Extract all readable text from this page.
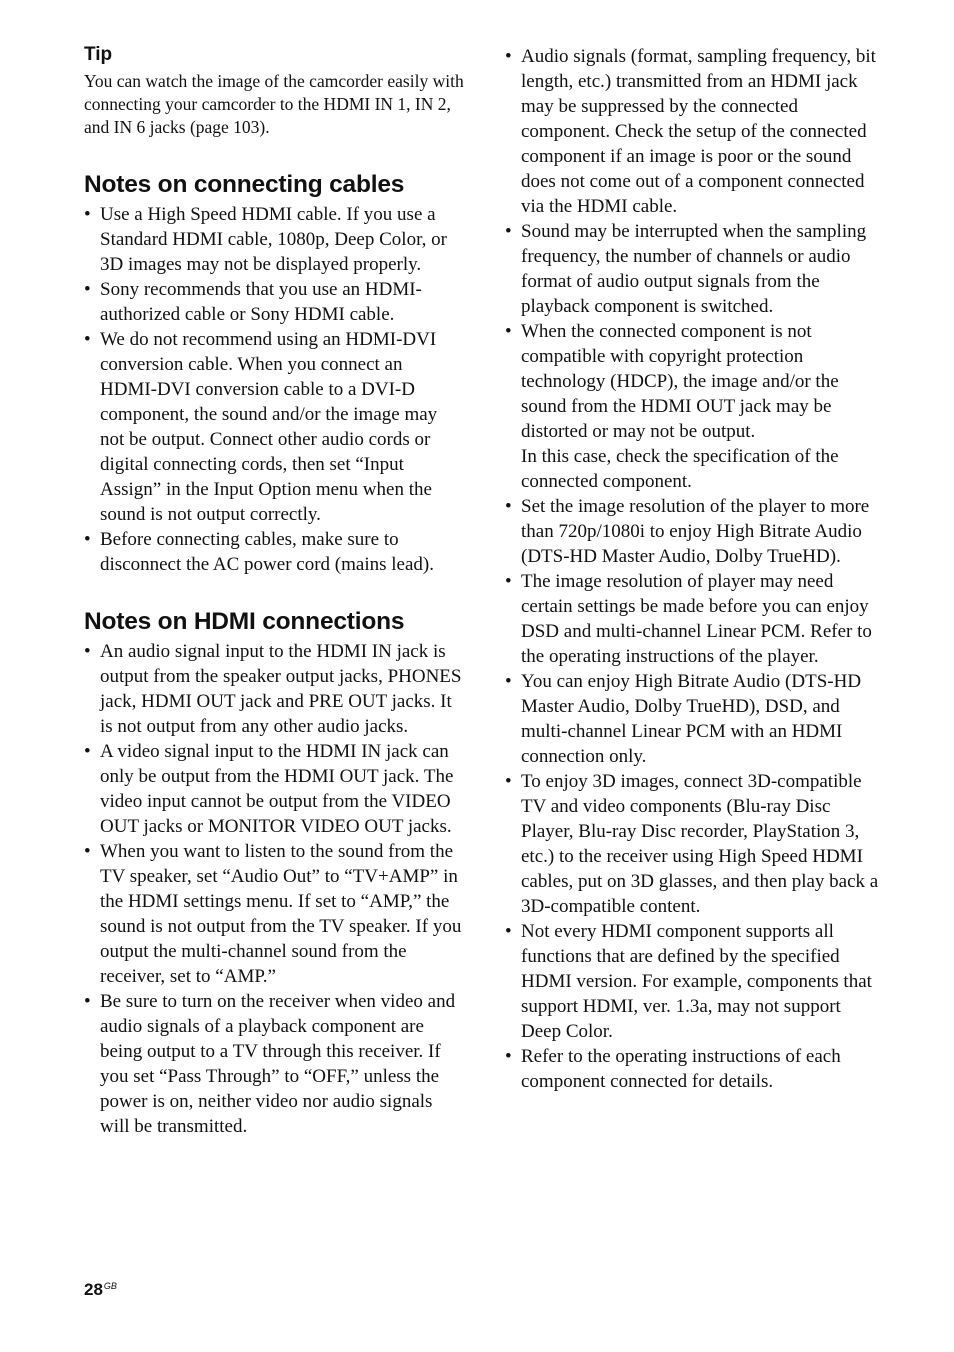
Tip

You can watch the image of the camcorder easily with connecting your camcorder to the HDMI IN 1, IN 2, and IN 6 jacks (page 103).

Notes on connecting cables
• Use a High Speed HDMI cable. If you use a Standard HDMI cable, 1080p, Deep Color, or 3D images may not be displayed properly.
• Sony recommends that you use an HDMI-authorized cable or Sony HDMI cable.
• We do not recommend using an HDMI-DVI conversion cable. When you connect an HDMI-DVI conversion cable to a DVI-D component, the sound and/or the image may not be output. Connect other audio cords or digital connecting cords, then set “Input Assign” in the Input Option menu when the sound is not output correctly.
• Before connecting cables, make sure to disconnect the AC power cord (mains lead).
Notes on HDMI connections
• An audio signal input to the HDMI IN jack is output from the speaker output jacks, PHONES jack, HDMI OUT jack and PRE OUT jacks. It is not output from any other audio jacks.
• A video signal input to the HDMI IN jack can only be output from the HDMI OUT jack. The video input cannot be output from the VIDEO OUT jacks or MONITOR VIDEO OUT jacks.
• When you want to listen to the sound from the TV speaker, set “Audio Out” to “TV+AMP” in the HDMI settings menu. If set to “AMP,” the sound is not output from the TV speaker. If you output the multi-channel sound from the receiver, set to “AMP.”
• Be sure to turn on the receiver when video and audio signals of a playback component are being output to a TV through this receiver. If you set “Pass Through” to “OFF,” unless the power is on, neither video nor audio signals will be transmitted.
• Audio signals (format, sampling frequency, bit length, etc.) transmitted from an HDMI jack may be suppressed by the connected component. Check the setup of the connected component if an image is poor or the sound does not come out of a component connected via the HDMI cable.
• Sound may be interrupted when the sampling frequency, the number of channels or audio format of audio output signals from the playback component is switched.
• When the connected component is not compatible with copyright protection technology (HDCP), the image and/or the sound from the HDMI OUT jack may be distorted or may not be output.
In this case, check the specification of the connected component.
• Set the image resolution of the player to more than 720p/1080i to enjoy High Bitrate Audio (DTS-HD Master Audio, Dolby TrueHD).
• The image resolution of player may need certain settings be made before you can enjoy DSD and multi-channel Linear PCM. Refer to the operating instructions of the player.
• You can enjoy High Bitrate Audio (DTS-HD Master Audio, Dolby TrueHD), DSD, and multi-channel Linear PCM with an HDMI connection only.
• To enjoy 3D images, connect 3D-compatible TV and video components (Blu-ray Disc Player, Blu-ray Disc recorder, PlayStation 3, etc.) to the receiver using High Speed HDMI cables, put on 3D glasses, and then play back a 3D-compatible content.
• Not every HDMI component supports all functions that are defined by the specified HDMI version. For example, components that support HDMI, ver. 1.3a, may not support Deep Color.
• Refer to the operating instructions of each component connected for details.
$28^{GB}$
